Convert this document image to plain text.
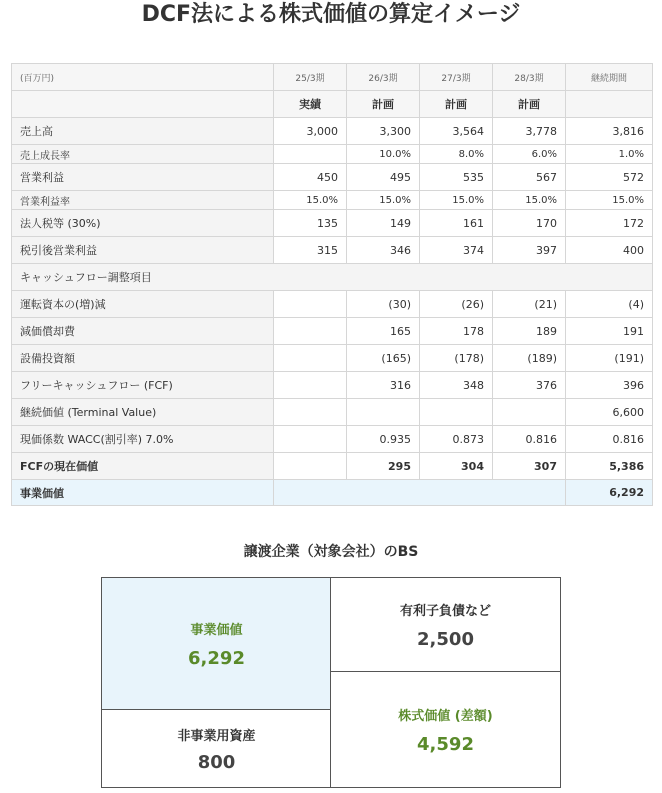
DCF法による株式価値の算定イメージ
(百万円)	25/3期	26/3期	27/3期	28/3期	継続期間
	実績	計画	計画	計画	
売上高	3,000	3,300	3,564	3,778	3,816
売上成長率		10.0%	8.0%	6.0%	1.0%
営業利益	450	495	535	567	572
営業利益率	15.0%	15.0%	15.0%	15.0%	15.0%
法人税等 (30%)	135	149	161	170	172
税引後営業利益	315	346	374	397	400
キャッシュフロー調整項目					
運転資本の(増)減		(30)	(26)	(21)	(4)
減価償却費		165	178	189	191
設備投資額		(165)	(178)	(189)	(191)
フリーキャッシュフロー (FCF)		316	348	376	396
継続価値 (Terminal Value)					6,600
現価係数 WACC(割引率) 7.0%		0.935	0.873	0.816	0.816
FCFの現在価値		295	304	307	5,386
事業価値					6,292
譲渡企業（対象会社）のBS
事業価値
6,292
非事業用資産
800
有利子負債など
2,500
株式価値 (差額)
4,592
